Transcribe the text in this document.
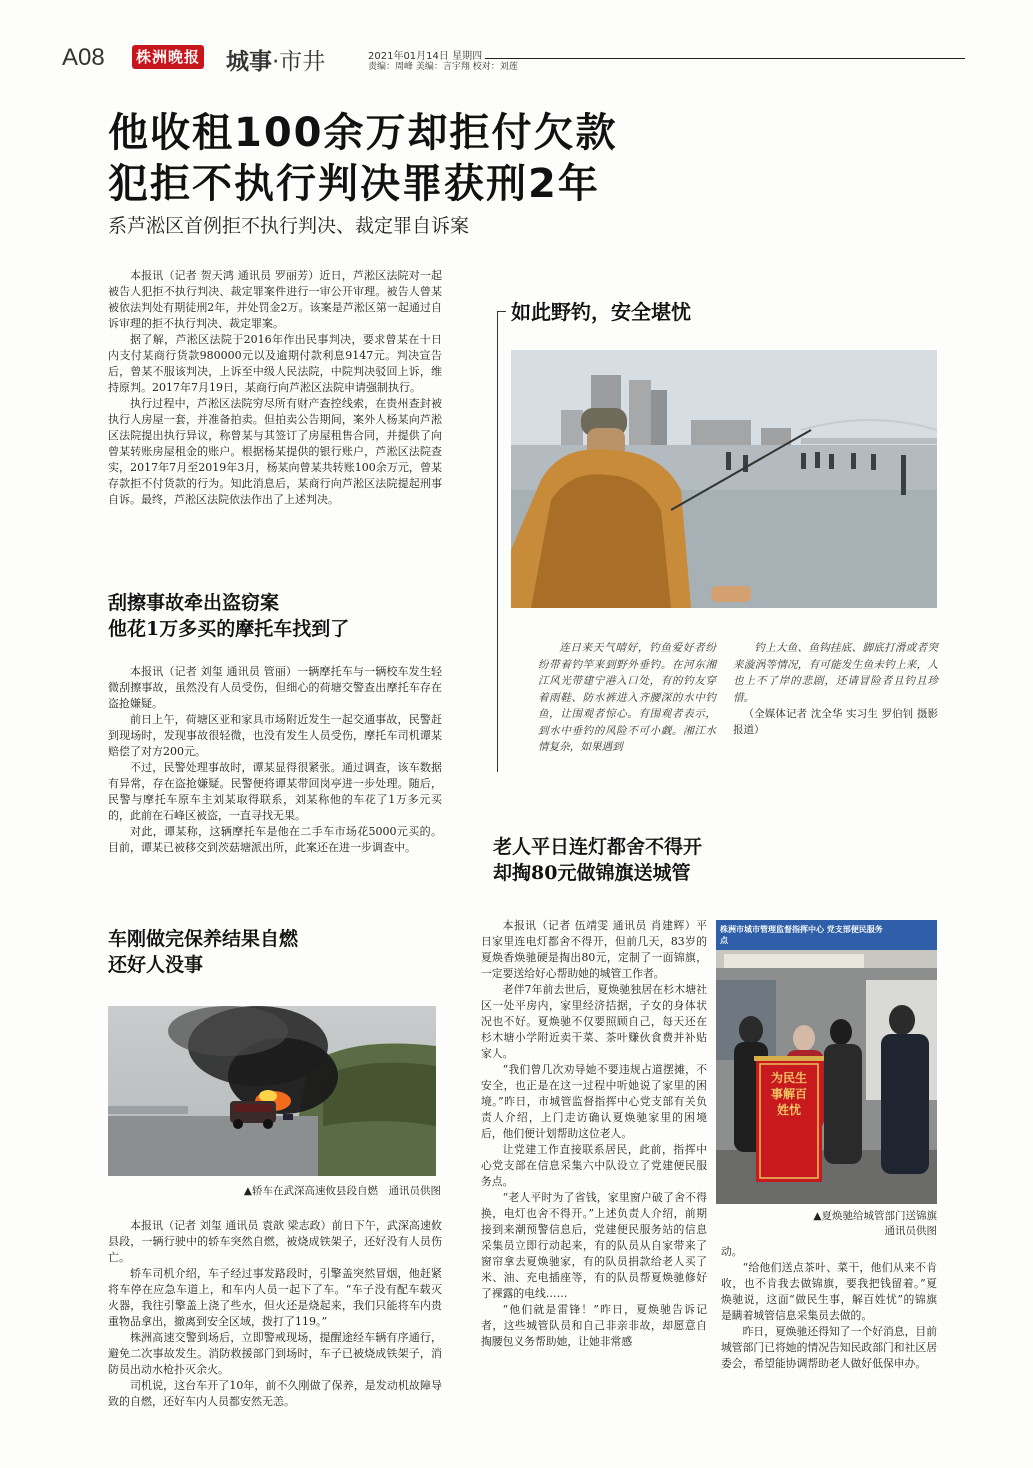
A08 株洲晚报 城事·市井	2021年01月14日 星期四
责编：周峰 美编：言宇翔 校对：刘莲
他收租100余万却拒付欠款
犯拒不执行判决罪获刑2年
系芦淞区首例拒不执行判决、裁定罪自诉案

本报讯（记者 贺天鸿 通讯员 罗丽芳）近日，芦淞区法院对一起被告人犯拒不执行判决、裁定罪案件进行一审公开审理。被告人曾某被依法判处有期徒刑2年，并处罚金2万。该案是芦淞区第一起通过自诉审理的拒不执行判决、裁定罪案。

据了解，芦淞区法院于2016年作出民事判决，要求曾某在十日内支付某商行货款980000元以及逾期付款利息9147元。判决宣告后，曾某不服该判决，上诉至中级人民法院，中院判决驳回上诉，维持原判。2017年7月19日，某商行向芦淞区法院申请强制执行。

执行过程中，芦淞区法院穷尽所有财产查控线索，在贵州查封被执行人房屋一套，并准备拍卖。但拍卖公告期间，案外人杨某向芦淞区法院提出执行异议，称曾某与其签订了房屋租售合同，并提供了向曾某转账房屋租金的账户。根据杨某提供的银行账户，芦淞区法院查实，2017年7月至2019年3月，杨某向曾某共转账100余万元，曾某存款拒不付货款的行为。知此消息后，某商行向芦淞区法院提起刑事自诉。最终，芦淞区法院依法作出了上述判决。

刮擦事故牵出盗窃案
他花1万多买的摩托车找到了

本报讯（记者 刘玺 通讯员 管丽）一辆摩托车与一辆校车发生轻微刮擦事故，虽然没有人员受伤，但细心的荷塘交警查出摩托车存在盗抢嫌疑。

前日上午，荷塘区亚和家具市场附近发生一起交通事故，民警赶到现场时，发现事故很轻微，也没有发生人员受伤，摩托车司机谭某赔偿了对方200元。

不过，民警处理事故时，谭某显得很紧张。通过调查，该车数据有异常，存在盗抢嫌疑。民警便将谭某带回岗亭进一步处理。随后，民警与摩托车原车主刘某取得联系，刘某称他的车花了1万多元买的，此前在石峰区被盗，一直寻找无果。

对此，谭某称，这辆摩托车是他在二手车市场花5000元买的。目前，谭某已被移交到茨菇塘派出所，此案还在进一步调查中。

车刚做完保养结果自燃
还好人没事
▲轿车在武深高速攸县段自燃　通讯员供图

本报讯（记者 刘玺 通讯员 袁歆 梁志政）前日下午，武深高速攸县段，一辆行驶中的轿车突然自燃，被烧成铁架子，还好没有人员伤亡。

轿车司机介绍，车子经过事发路段时，引擎盖突然冒烟，他赶紧将车停在应急车道上，和车内人员一起下了车。“车子没有配车载灭火器，我往引擎盖上浇了些水，但火还是烧起来，我们只能将车内贵重物品拿出，撤离到安全区域，拨打了119。”

株洲高速交警到场后，立即警戒现场，提醒途经车辆有序通行，避免二次事故发生。消防救援部门到场时，车子已被烧成铁架子，消防员出动水枪扑灭余火。

司机说，这台车开了10年，前不久刚做了保养，是发动机故障导致的自燃，还好车内人员都安然无恙。

如此野钓，安全堪忧

连日来天气晴好，钓鱼爱好者纷纷带着钓竿来到野外垂钓。在河东湘江风光带建宁港入口处，有的钓友穿着雨鞋、防水裤进入齐腰深的水中钓鱼，让围观者惊心。有围观者表示，到水中垂钓的风险不可小觑。湘江水情复杂，如果遇到

钓上大鱼、鱼钩挂底、脚底打滑或者突来漩涡等情况，有可能发生鱼未钓上来，人也上不了岸的悲剧，还请冒险者且钓且珍惜。

（全媒体记者 沈全华 实习生 罗伯钊 摄影报道）
老人平日连灯都舍不得开
却掏80元做锦旗送城管

本报讯（记者 伍靖雯 通讯员 肖建辉）平日家里连电灯都舍不得开，但前几天，83岁的夏焕香焕驰硬是掏出80元，定制了一面锦旗，一定要送给好心帮助她的城管工作者。

老伴7年前去世后，夏焕驰独居在杉木塘社区一处平房内，家里经济拮据，子女的身体状况也不好。夏焕驰不仅要照顾自己，每天还在杉木塘小学附近卖干菜、茶叶赚伙食费并补贴家人。

“我们曾几次劝导她不要违规占道摆摊，不安全，也正是在这一过程中听她说了家里的困境。”昨日，市城管监督指挥中心党支部有关负责人介绍，上门走访确认夏焕驰家里的困境后，他们便计划帮助这位老人。

让党建工作直接联系居民，此前，指挥中心党支部在信息采集六中队设立了党建便民服务点。

“老人平时为了省钱，家里窗户破了舍不得换，电灯也舍不得开。”上述负责人介绍，前期接到来潮预警信息后，党建便民服务站的信息采集员立即行动起来，有的队员从自家带来了窗帘拿去夏焕驰家，有的队员捐款给老人买了米、油、充电插座等，有的队员帮夏焕驰修好了裸露的电线……

“他们就是雷锋！”昨日，夏焕驰告诉记者，这些城管队员和自己非亲非故，却愿意自掏腰包义务帮助她，让她非常感

株洲市城市管理监督指挥中心 党支部便民服务点
为民生事解百姓忧
▲夏焕驰给城管部门送锦旗
通讯员供图

动。

“给他们送点茶叶、菜干，他们从来不肯收，也不肯我去做锦旗，要我把钱留着。”夏焕驰说，这面“做民生事，解百姓忧”的锦旗是瞒着城管信息采集员去做的。

昨日，夏焕驰还得知了一个好消息，目前城管部门已将她的情况告知民政部门和社区居委会，希望能协调帮助老人做好低保申办。
